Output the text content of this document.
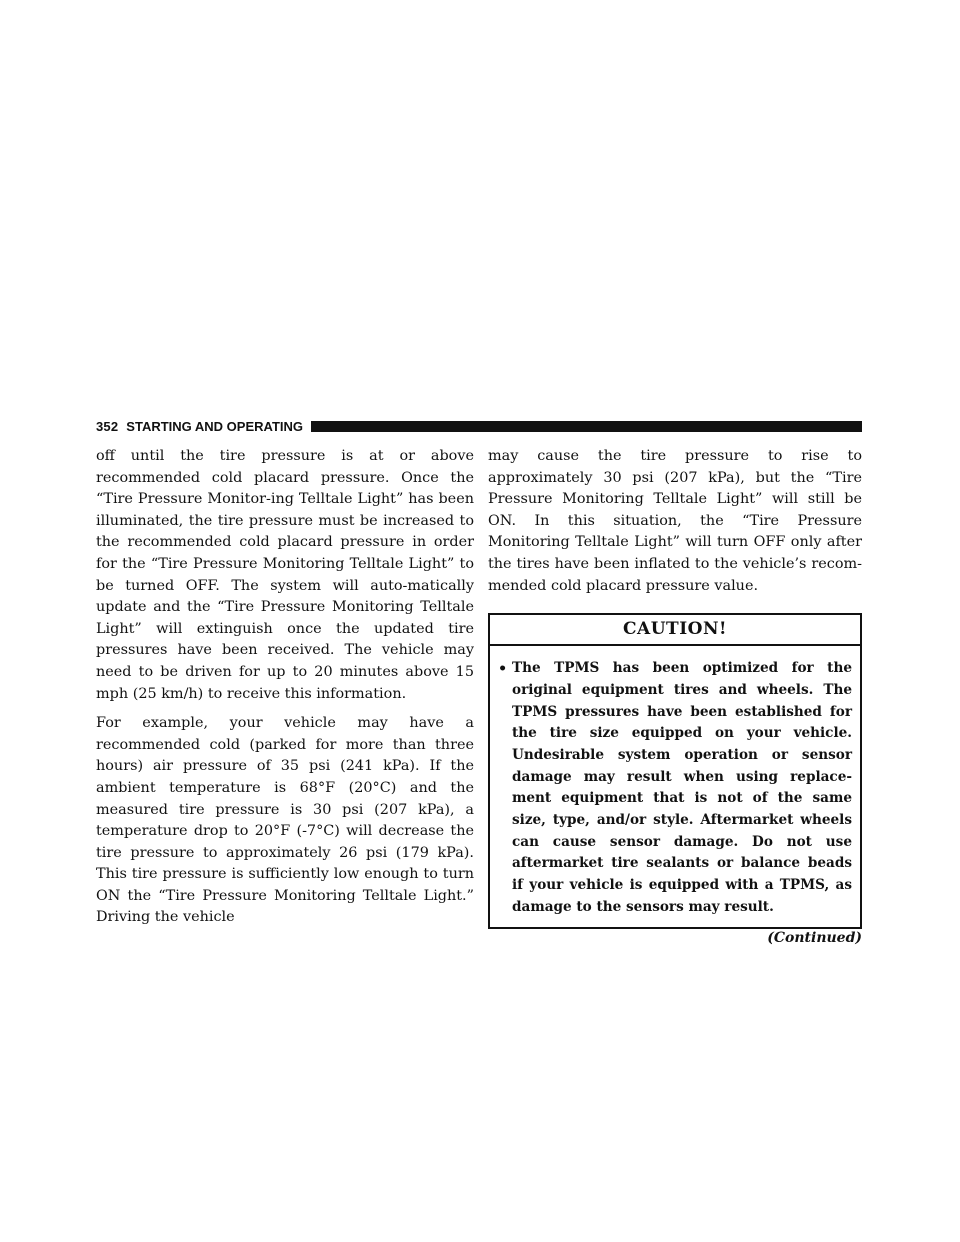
352 STARTING AND OPERATING

off until the tire pressure is at or above recommended cold placard pressure. Once the “Tire Pressure Monitor-ing Telltale Light” has been illuminated, the tire pressure must be increased to the recommended cold placard pressure in order for the “Tire Pressure Monitoring Telltale Light” to be turned OFF. The system will auto-matically update and the “Tire Pressure Monitoring Telltale Light” will extinguish once the updated tire pressures have been received. The vehicle may need to be driven for up to 20 minutes above 15 mph (25 km/h) to receive this information.

For example, your vehicle may have a recommended cold (parked for more than three hours) air pressure of 35 psi (241 kPa). If the ambient temperature is 68°F (20°C) and the measured tire pressure is 30 psi (207 kPa), a temperature drop to 20°F (-7°C) will decrease the tire pressure to approximately 26 psi (179 kPa). This tire pressure is sufficiently low enough to turn ON the “Tire Pressure Monitoring Telltale Light.” Driving the vehicle

may cause the tire pressure to rise to approximately 30 psi (207 kPa), but the “Tire Pressure Monitoring Telltale Light” will still be ON. In this situation, the “Tire Pressure Monitoring Telltale Light” will turn OFF only after the tires have been inflated to the vehicle’s recom-mended cold placard pressure value.

CAUTION!
• The TPMS has been optimized for the original equipment tires and wheels. The TPMS pressures have been established for the tire size equipped on your vehicle. Undesirable system operation or sensor damage may result when using replace-ment equipment that is not of the same size, type, and/or style. Aftermarket wheels can cause sensor damage. Do not use aftermarket tire sealants or balance beads if your vehicle is equipped with a TPMS, as damage to the sensors may result.
(Continued)
